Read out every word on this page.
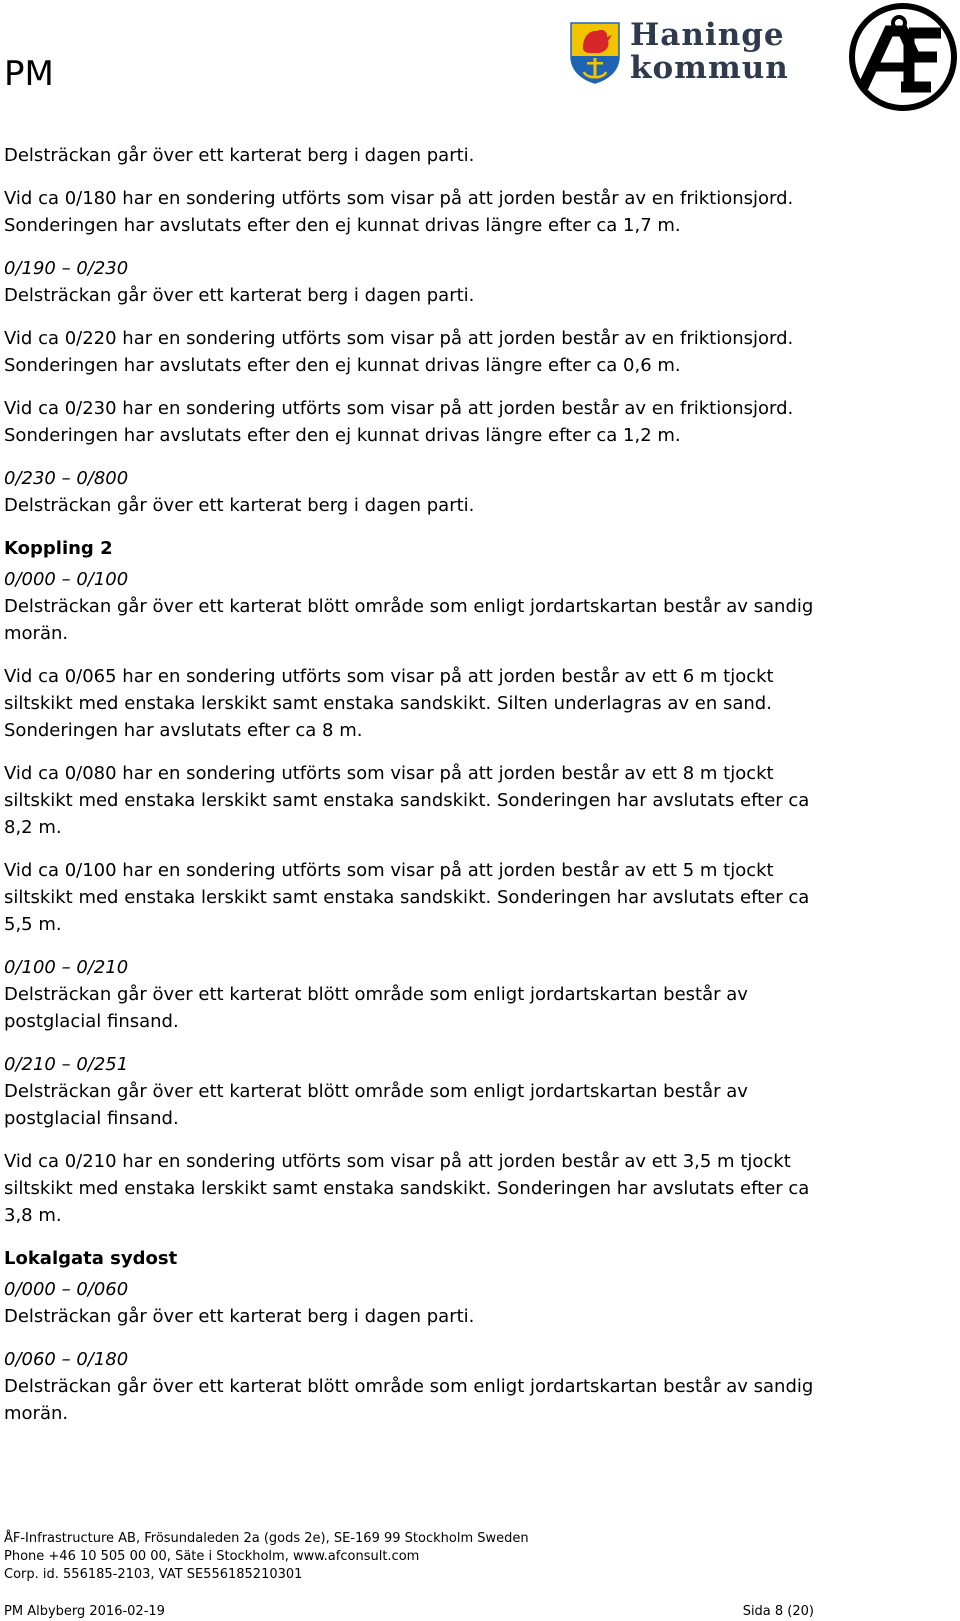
PM
Haninge
kommun

Delsträckan går över ett karterat berg i dagen parti.

Vid ca 0/180 har en sondering utförts som visar på att jorden består av en friktionsjord. Sonderingen har avslutats efter den ej kunnat drivas längre efter ca 1,7 m.

0/190 – 0/230

Delsträckan går över ett karterat berg i dagen parti.

Vid ca 0/220 har en sondering utförts som visar på att jorden består av en friktionsjord. Sonderingen har avslutats efter den ej kunnat drivas längre efter ca 0,6 m.

Vid ca 0/230 har en sondering utförts som visar på att jorden består av en friktionsjord. Sonderingen har avslutats efter den ej kunnat drivas längre efter ca 1,2 m.

0/230 – 0/800

Delsträckan går över ett karterat berg i dagen parti.

Koppling 2

0/000 – 0/100

Delsträckan går över ett karterat blött område som enligt jordartskartan består av sandig morän.

Vid ca 0/065 har en sondering utförts som visar på att jorden består av ett 6 m tjockt siltskikt med enstaka lerskikt samt enstaka sandskikt. Silten underlagras av en sand. Sonderingen har avslutats efter ca 8 m.

Vid ca 0/080 har en sondering utförts som visar på att jorden består av ett 8 m tjockt siltskikt med enstaka lerskikt samt enstaka sandskikt. Sonderingen har avslutats efter ca 8,2 m.

Vid ca 0/100 har en sondering utförts som visar på att jorden består av ett 5 m tjockt siltskikt med enstaka lerskikt samt enstaka sandskikt. Sonderingen har avslutats efter ca 5,5 m.

0/100 – 0/210

Delsträckan går över ett karterat blött område som enligt jordartskartan består av postglacial finsand.

0/210 – 0/251

Delsträckan går över ett karterat blött område som enligt jordartskartan består av postglacial finsand.

Vid ca 0/210 har en sondering utförts som visar på att jorden består av ett 3,5 m tjockt siltskikt med enstaka lerskikt samt enstaka sandskikt. Sonderingen har avslutats efter ca 3,8 m.

Lokalgata sydost

0/000 – 0/060

Delsträckan går över ett karterat berg i dagen parti.

0/060 – 0/180

Delsträckan går över ett karterat blött område som enligt jordartskartan består av sandig morän.

ÅF-Infrastructure AB, Frösundaleden 2a (gods 2e), SE-169 99 Stockholm Sweden
Phone +46 10 505 00 00, Säte i Stockholm, www.afconsult.com
Corp. id. 556185-2103, VAT SE556185210301
PM Albyberg 2016-02-19	Sida 8 (20)
